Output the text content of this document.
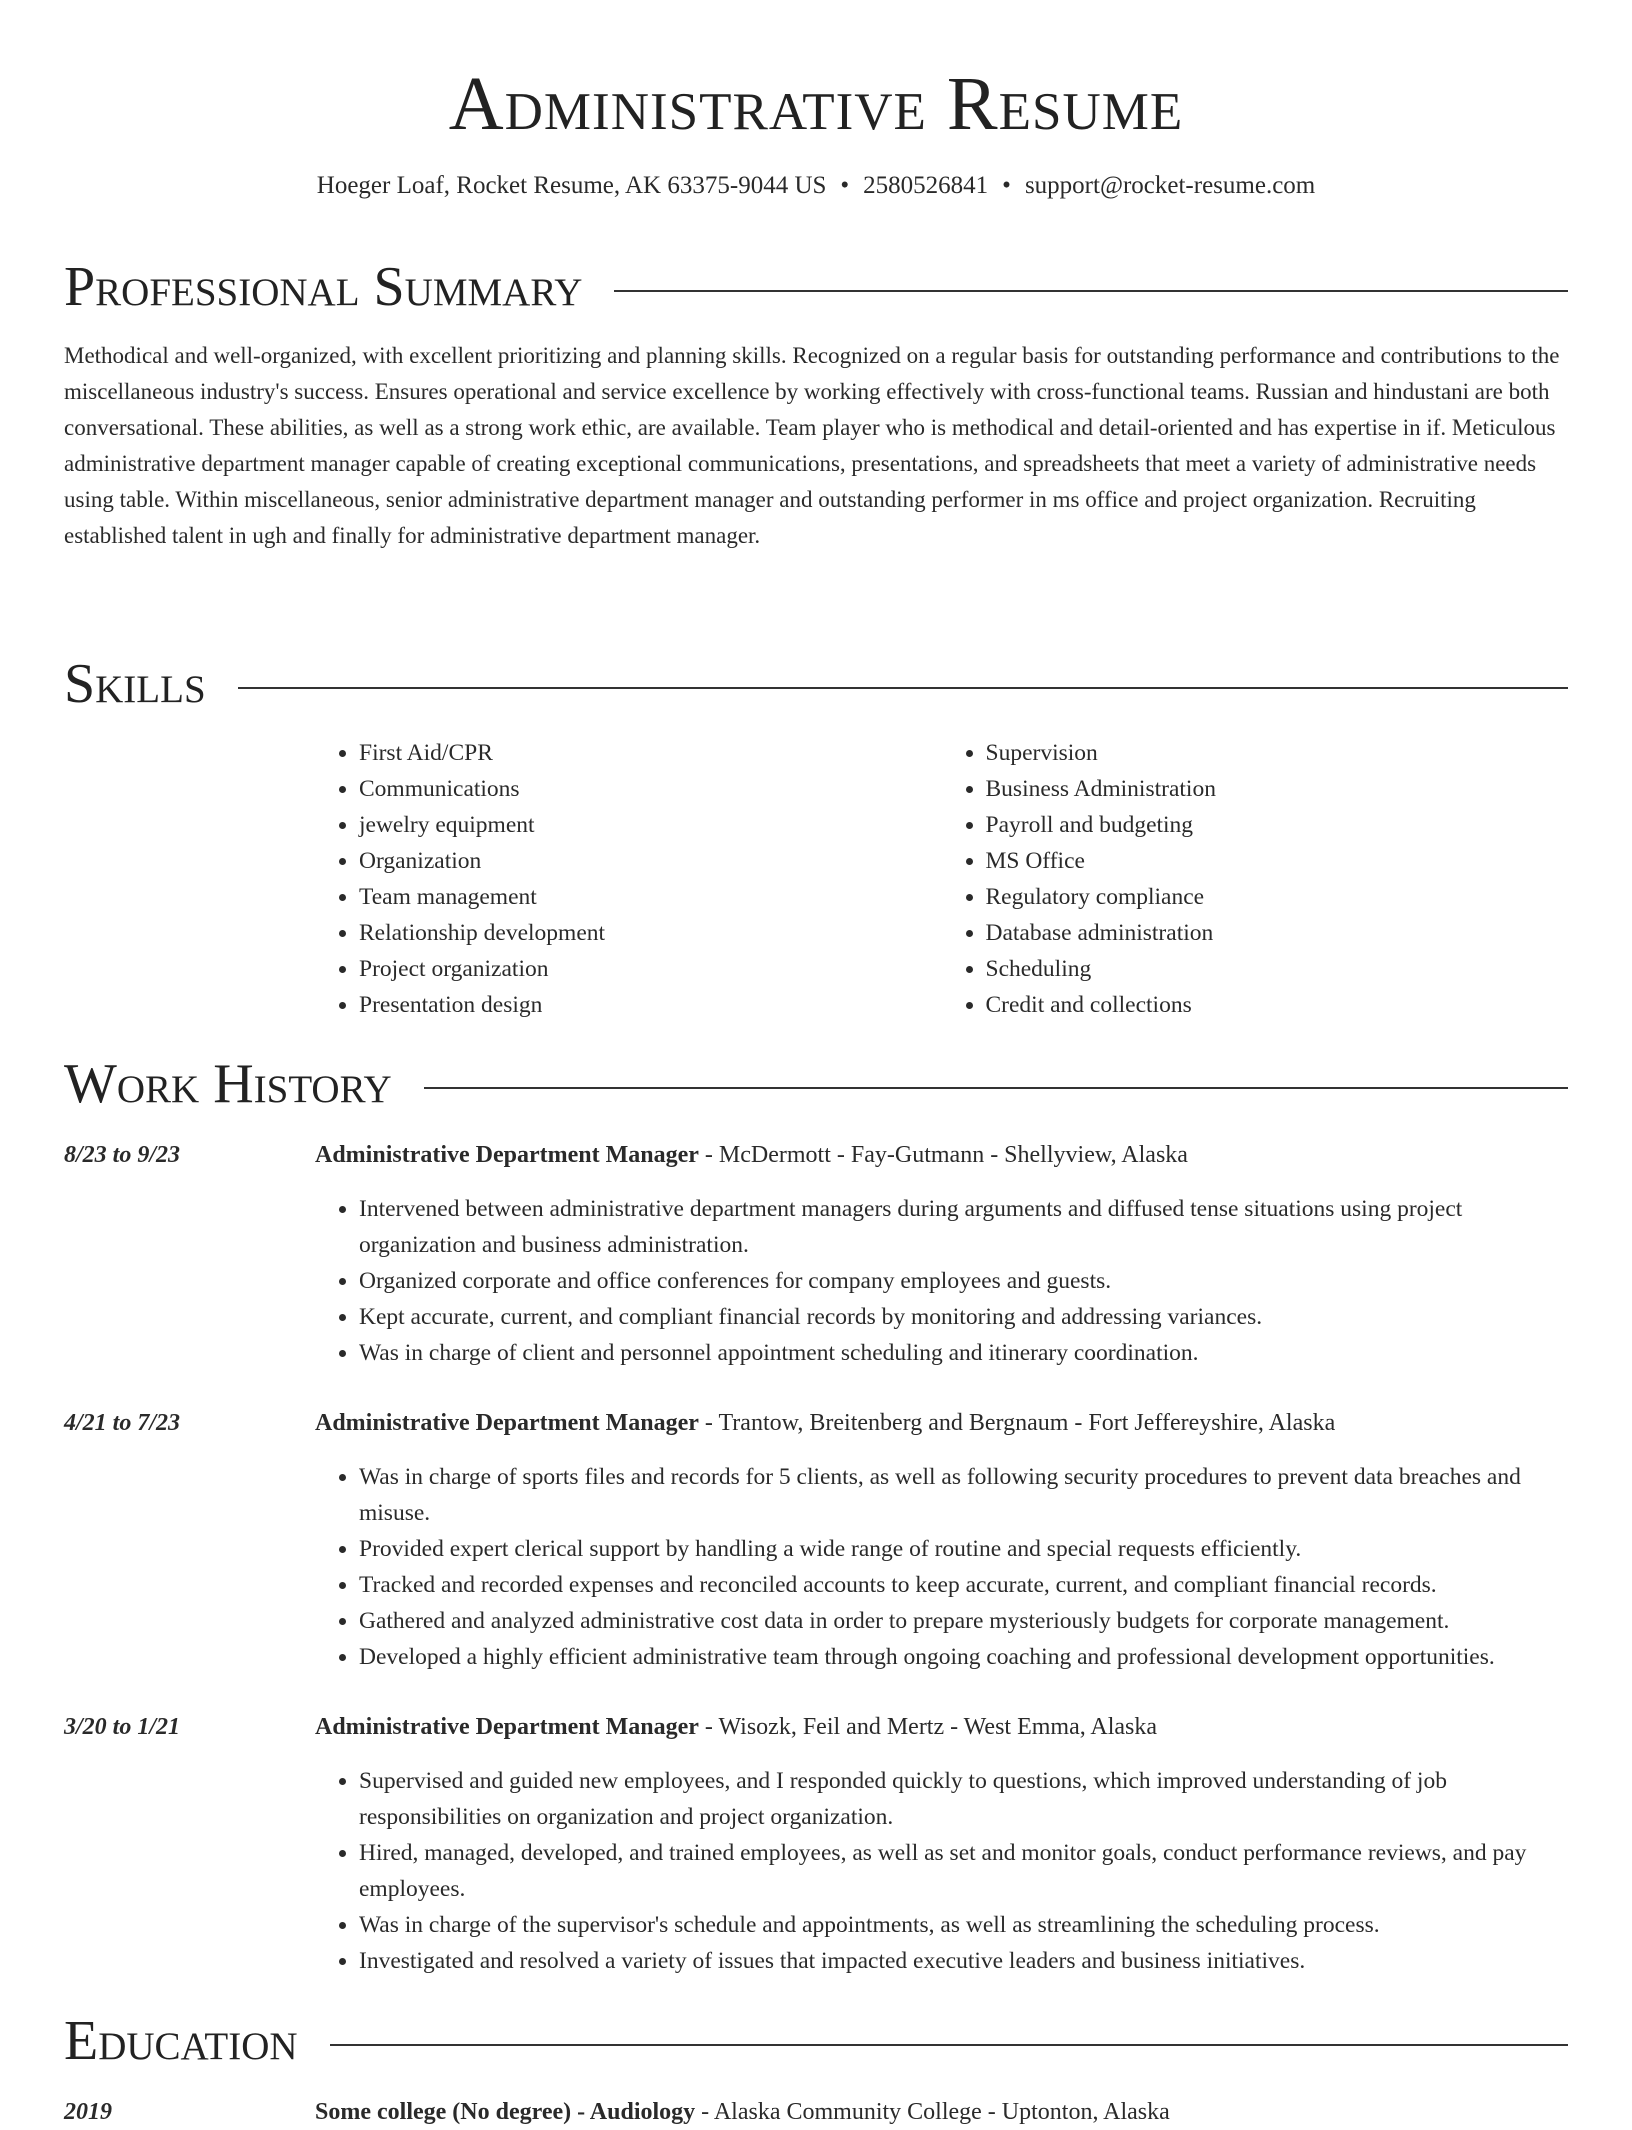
Administrative Resume
Hoeger Loaf, Rocket Resume, AK 63375-9044 US • 2580526841 • support@rocket-resume.com
Professional Summary

Methodical and well-organized, with excellent prioritizing and planning skills. Recognized on a regular basis for outstanding performance and contributions to the miscellaneous industry's success. Ensures operational and service excellence by working effectively with cross-functional teams. Russian and hindustani are both conversational. These abilities, as well as a strong work ethic, are available. Team player who is methodical and detail-oriented and has expertise in if. Meticulous administrative department manager capable of creating exceptional communications, presentations, and spreadsheets that meet a variety of administrative needs using table. Within miscellaneous, senior administrative department manager and outstanding performer in ms office and project organization. Recruiting established talent in ugh and finally for administrative department manager.

Skills
• First Aid/CPR
• Communications
• jewelry equipment
• Organization
• Team management
• Relationship development
• Project organization
• Presentation design
• Supervision
• Business Administration
• Payroll and budgeting
• MS Office
• Regulatory compliance
• Database administration
• Scheduling
• Credit and collections
Work History
8/23 to 9/23	Administrative Department Manager - McDermott - Fay-Gutmann - Shellyview, Alaska
• Intervened between administrative department managers during arguments and diffused tense situations using project organization and business administration.
• Organized corporate and office conferences for company employees and guests.
• Kept accurate, current, and compliant financial records by monitoring and addressing variances.
• Was in charge of client and personnel appointment scheduling and itinerary coordination.
4/21 to 7/23	Administrative Department Manager - Trantow, Breitenberg and Bergnaum - Fort Jeffereyshire, Alaska
• Was in charge of sports files and records for 5 clients, as well as following security procedures to prevent data breaches and misuse.
• Provided expert clerical support by handling a wide range of routine and special requests efficiently.
• Tracked and recorded expenses and reconciled accounts to keep accurate, current, and compliant financial records.
• Gathered and analyzed administrative cost data in order to prepare mysteriously budgets for corporate management.
• Developed a highly efficient administrative team through ongoing coaching and professional development opportunities.
3/20 to 1/21	Administrative Department Manager - Wisozk, Feil and Mertz - West Emma, Alaska
• Supervised and guided new employees, and I responded quickly to questions, which improved understanding of job responsibilities on organization and project organization.
• Hired, managed, developed, and trained employees, as well as set and monitor goals, conduct performance reviews, and pay employees.
• Was in charge of the supervisor's schedule and appointments, as well as streamlining the scheduling process.
• Investigated and resolved a variety of issues that impacted executive leaders and business initiatives.
Education
2019	Some college (No degree) - Audiology - Alaska Community College - Uptonton, Alaska
